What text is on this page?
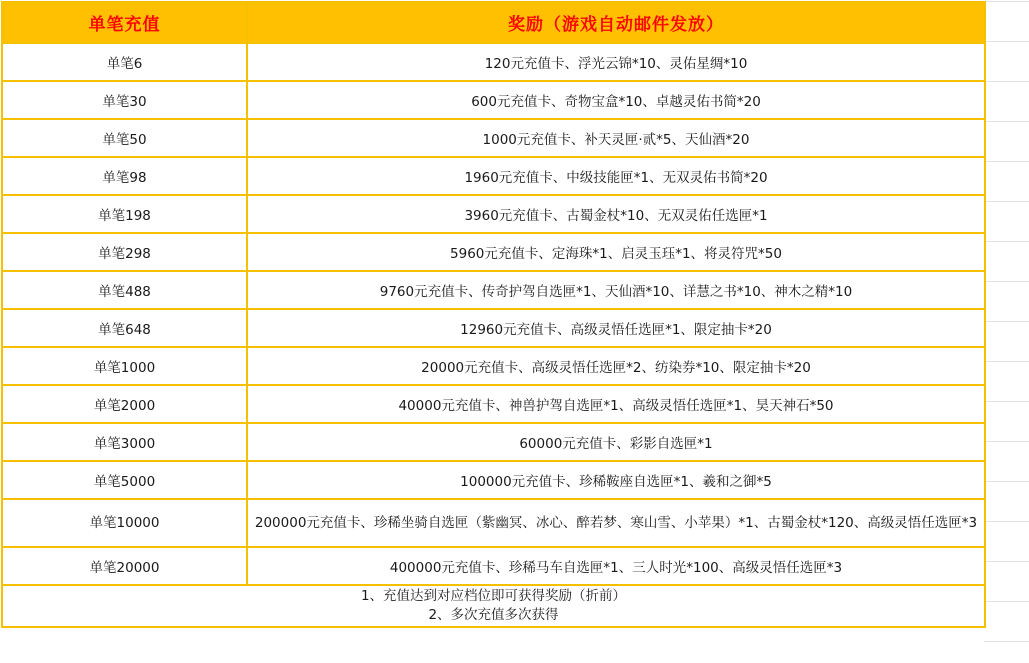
单笔充值	奖励（游戏自动邮件发放）
单笔6	120元充值卡、浮光云锦*10、灵佑星绸*10
单笔30	600元充值卡、奇物宝盒*10、卓越灵佑书简*20
单笔50	1000元充值卡、补天灵匣·贰*5、天仙酒*20
单笔98	1960元充值卡、中级技能匣*1、无双灵佑书简*20
单笔198	3960元充值卡、古蜀金杖*10、无双灵佑任选匣*1
单笔298	5960元充值卡、定海珠*1、启灵玉珏*1、将灵符咒*50
单笔488	9760元充值卡、传奇护驾自选匣*1、天仙酒*10、详慧之书*10、神木之精*10
单笔648	12960元充值卡、高级灵悟任选匣*1、限定抽卡*20
单笔1000	20000元充值卡、高级灵悟任选匣*2、纺染券*10、限定抽卡*20
单笔2000	40000元充值卡、神兽护驾自选匣*1、高级灵悟任选匣*1、昊天神石*50
单笔3000	60000元充值卡、彩影自选匣*1
单笔5000	100000元充值卡、珍稀鞍座自选匣*1、羲和之御*5
单笔10000	200000元充值卡、珍稀坐骑自选匣（紫幽冥、冰心、醉若梦、寒山雪、小苹果）*1、古蜀金杖*120、高级灵悟任选匣*3
单笔20000	400000元充值卡、珍稀马车自选匣*1、三人时光*100、高级灵悟任选匣*3

1、充值达到对应档位即可获得奖励（折前）
2、多次充值多次获得	
